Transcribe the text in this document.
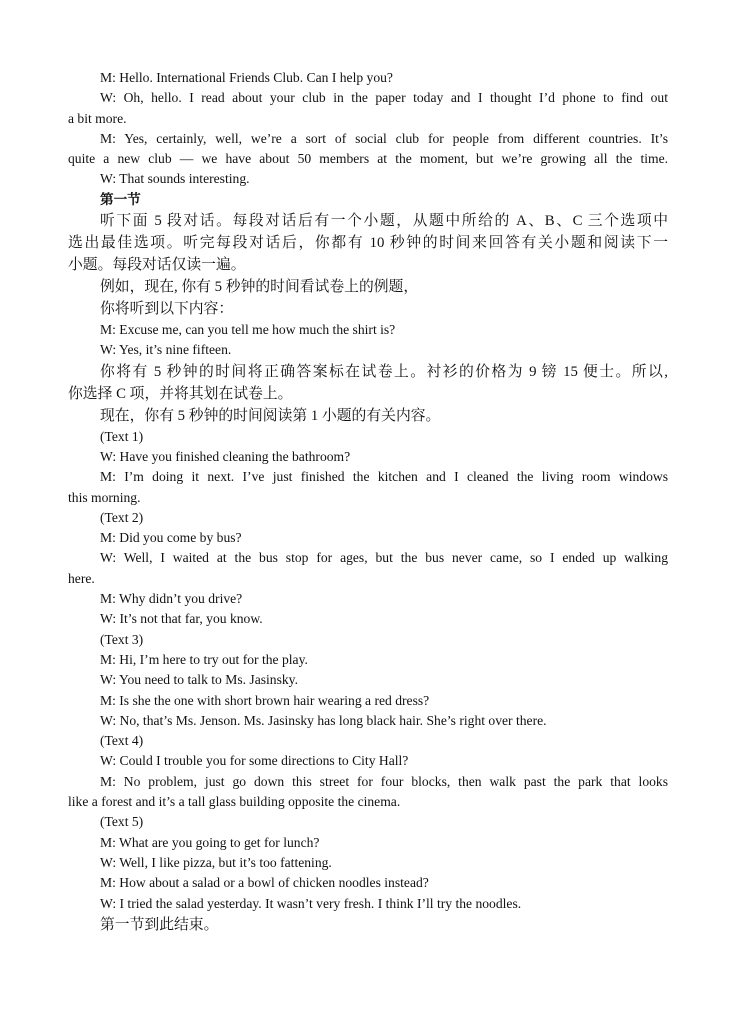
M: Hello. International Friends Club. Can I help you?
W: Oh, hello. I read about your club in the paper today and I thought I’d phone to find out
a bit more.
M: Yes, certainly, well, we’re a sort of social club for people from different countries. It’s
quite a new club — we have about 50 members at the moment, but we’re growing all the time.
W: That sounds interesting.
第一节
听下面 5 段对话。每段对话后有一个小题，从题中所给的 A、B、C 三个选项中
选出最佳选项。听完每段对话后，你都有 10 秒钟的时间来回答有关小题和阅读下一
小题。每段对话仅读一遍。
例如，现在, 你有 5 秒钟的时间看试卷上的例题，
你将听到以下内容：
M: Excuse me, can you tell me how much the shirt is?
W: Yes, it’s nine fifteen.
你将有 5 秒钟的时间将正确答案标在试卷上。衬衫的价格为 9 镑 15 便士。所以,
你选择 C 项，并将其划在试卷上。
现在，你有 5 秒钟的时间阅读第 1 小题的有关内容。
(Text 1)
W: Have you finished cleaning the bathroom?
M: I’m doing it next. I’ve just finished the kitchen and I cleaned the living room windows
this morning.
(Text 2)
M: Did you come by bus?
W: Well, I waited at the bus stop for ages, but the bus never came, so I ended up walking
here.
M: Why didn’t you drive?
W: It’s not that far, you know.
(Text 3)
M: Hi, I’m here to try out for the play.
W: You need to talk to Ms. Jasinsky.
M: Is she the one with short brown hair wearing a red dress?
W: No, that’s Ms. Jenson. Ms. Jasinsky has long black hair. She’s right over there.
(Text 4)
W: Could I trouble you for some directions to City Hall?
M: No problem, just go down this street for four blocks, then walk past the park that looks
like a forest and it’s a tall glass building opposite the cinema.
(Text 5)
M: What are you going to get for lunch?
W: Well, I like pizza, but it’s too fattening.
M: How about a salad or a bowl of chicken noodles instead?
W: I tried the salad yesterday. It wasn’t very fresh. I think I’ll try the noodles.
第一节到此结束。
